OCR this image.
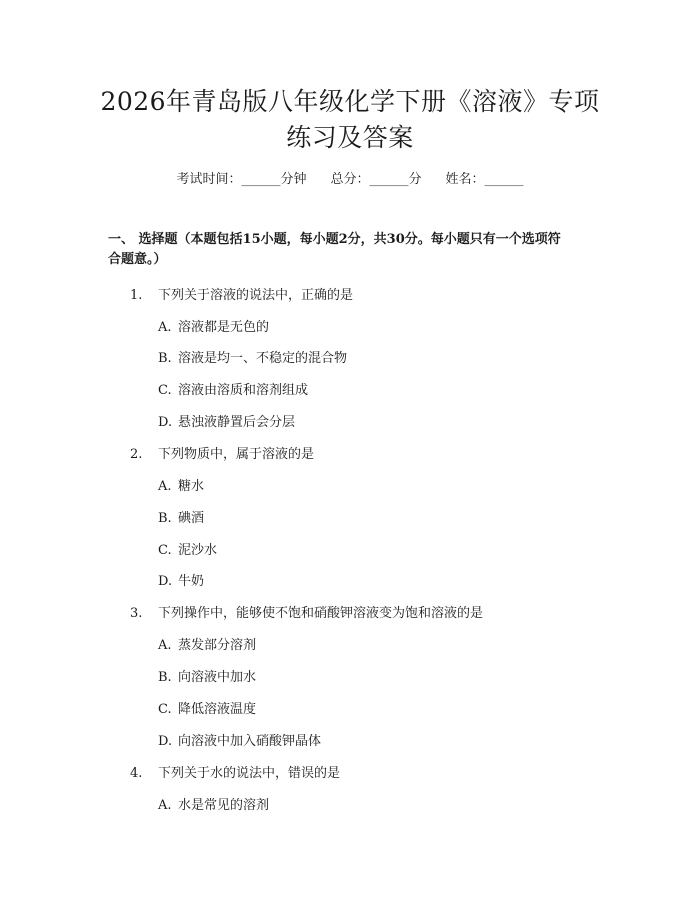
2026年青岛版八年级化学下册《溶液》专项
练习及答案
考试时间：______分钟 总分：______分 姓名：______
一、 选择题（本题包括15小题，每小题2分，共30分。每小题只有一个选项符
合题意。）
1. 下列关于溶液的说法中，正确的是
A. 溶液都是无色的
B. 溶液是均一、不稳定的混合物
C. 溶液由溶质和溶剂组成
D. 悬浊液静置后会分层
2. 下列物质中，属于溶液的是
A. 糖水
B. 碘酒
C. 泥沙水
D. 牛奶
3. 下列操作中，能够使不饱和硝酸钾溶液变为饱和溶液的是
A. 蒸发部分溶剂
B. 向溶液中加水
C. 降低溶液温度
D. 向溶液中加入硝酸钾晶体
4. 下列关于水的说法中，错误的是
A. 水是常见的溶剂
